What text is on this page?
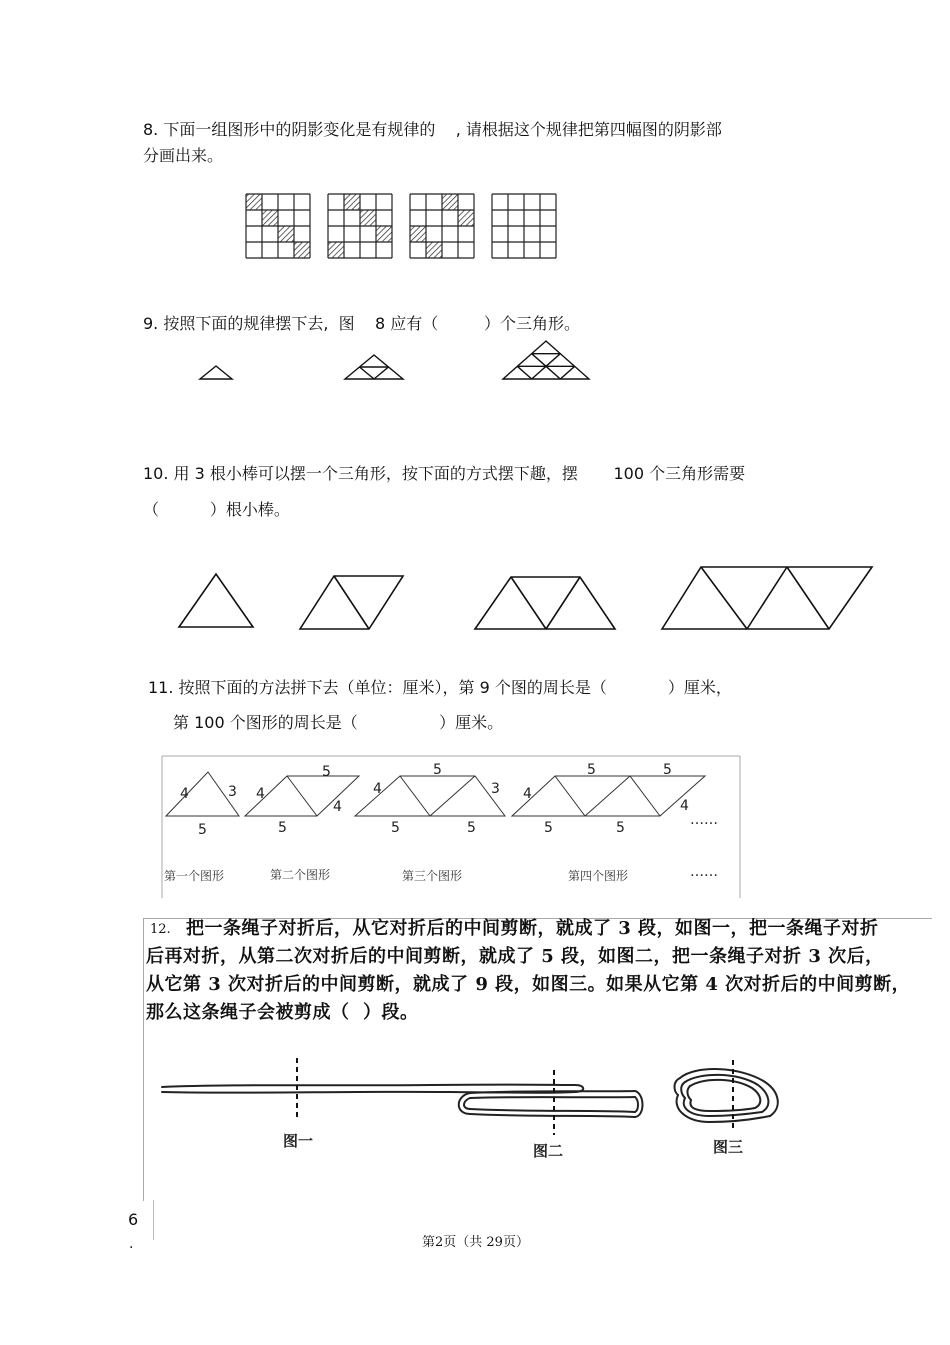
8. 下面一组图形中的阴影变化是有规律的    , 请根据这个规律把第四幅图的阴影部
分画出来。
9. 按照下面的规律摆下去,  图    8 应有（         ）个三角形。
10. 用 3 根小棒可以摆一个三角形，按下面的方式摆下趣，摆       100 个三角形需要
（          ）根小棒。
11. 按照下面的方法拼下去（单位：厘米），第 9 个图的周长是（            ）厘米，
第 100 个图形的周长是（                ）厘米。
4	3
5
4
5
4
5
4
5
3
5	5
4
5	5
4
5	5	……
……
第一个图形	第二个图形	第三个图形	第四个图形
12. 把一条绳子对折后，从它对折后的中间剪断，就成了 3 段，如图一，把一条绳子对折
后再对折，从第二次对折后的中间剪断，就成了 5 段，如图二，把一条绳子对折 3 次后，
从它第 3 次对折后的中间剪断，就成了 9 段，如图三。如果从它第 4 次对折后的中间剪断，
那么这条绳子会被剪成（  ）段。
图一
图二	图三
6
.	第2页（共 29页）
